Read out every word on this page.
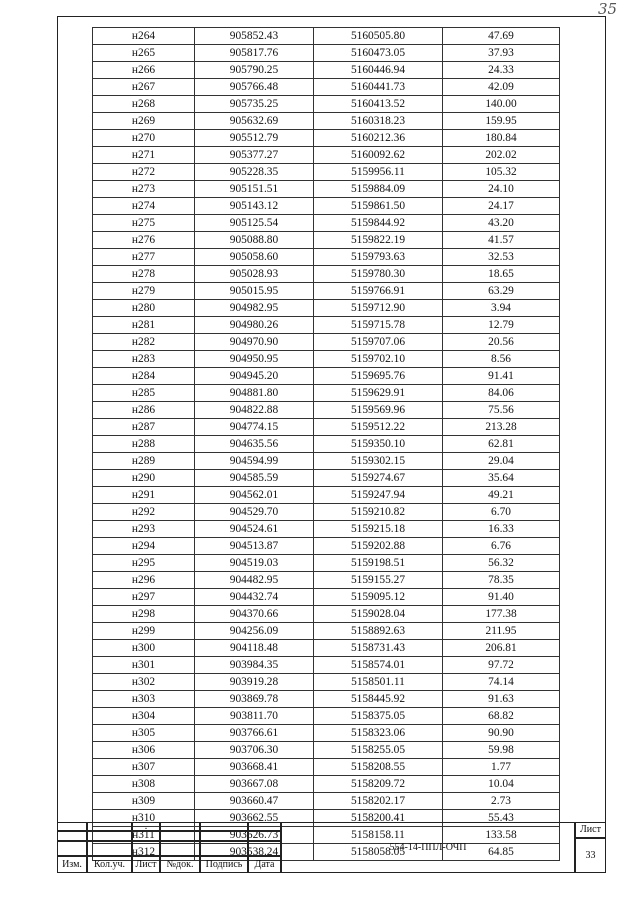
35
н264	905852.43	5160505.80	47.69
н265	905817.76	5160473.05	37.93
н266	905790.25	5160446.94	24.33
н267	905766.48	5160441.73	42.09
н268	905735.25	5160413.52	140.00
н269	905632.69	5160318.23	159.95
н270	905512.79	5160212.36	180.84
н271	905377.27	5160092.62	202.02
н272	905228.35	5159956.11	105.32
н273	905151.51	5159884.09	24.10
н274	905143.12	5159861.50	24.17
н275	905125.54	5159844.92	43.20
н276	905088.80	5159822.19	41.57
н277	905058.60	5159793.63	32.53
н278	905028.93	5159780.30	18.65
н279	905015.95	5159766.91	63.29
н280	904982.95	5159712.90	3.94
н281	904980.26	5159715.78	12.79
н282	904970.90	5159707.06	20.56
н283	904950.95	5159702.10	8.56
н284	904945.20	5159695.76	91.41
н285	904881.80	5159629.91	84.06
н286	904822.88	5159569.96	75.56
н287	904774.15	5159512.22	213.28
н288	904635.56	5159350.10	62.81
н289	904594.99	5159302.15	29.04
н290	904585.59	5159274.67	35.64
н291	904562.01	5159247.94	49.21
н292	904529.70	5159210.82	6.70
н293	904524.61	5159215.18	16.33
н294	904513.87	5159202.88	6.76
н295	904519.03	5159198.51	56.32
н296	904482.95	5159155.27	78.35
н297	904432.74	5159095.12	91.40
н298	904370.66	5159028.04	177.38
н299	904256.09	5158892.63	211.95
н300	904118.48	5158731.43	206.81
н301	903984.35	5158574.01	97.72
н302	903919.28	5158501.11	74.14
н303	903869.78	5158445.92	91.63
н304	903811.70	5158375.05	68.82
н305	903766.61	5158323.06	90.90
н306	903706.30	5158255.05	59.98
н307	903668.41	5158208.55	1.77
н308	903667.08	5158209.72	10.04
н309	903660.47	5158202.17	2.73
н310	903662.55	5158200.41	55.43
н311	903626.73	5158158.11	133.58
н312	903538.24	5158058.05	64.85
.
Изм.	Кол.уч.	Лист	№док.	Подпись	Дата
554-14-ППЛ-ОЧП
Лист
33
